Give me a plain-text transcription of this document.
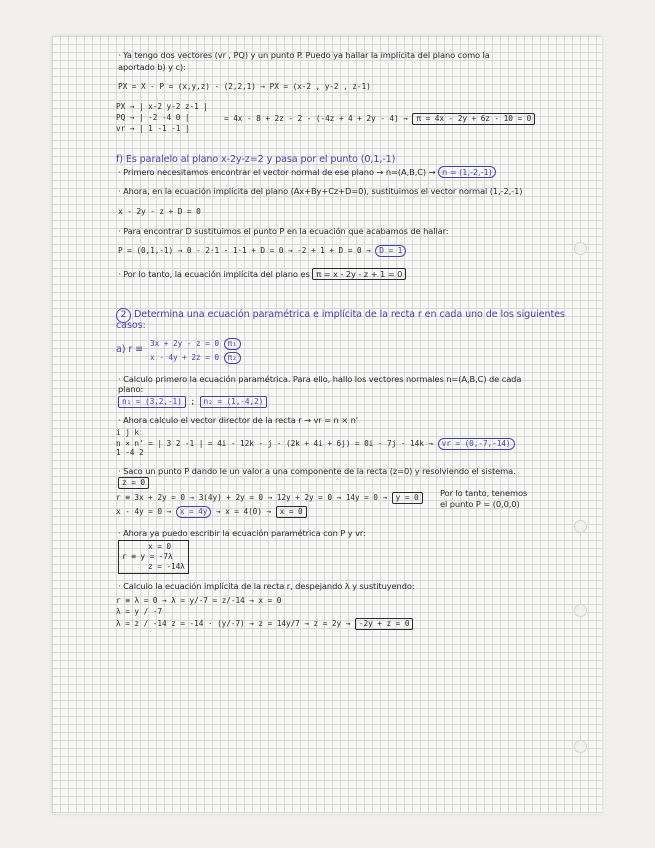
· Ya tengo dos vectores (vr , PQ) y un punto P. Puedo ya hallar la implícita del plano como la
aportado b) y c):
PX = X - P = (x,y,z) - (2,2,1) → PX = (x-2 , y-2 , z-1)
PX → | x-2 y-2 z-1 |
PQ → | -2 -4 0 |
vr → | 1 -1 -1 |
= 4x - 8 + 2z - 2 - (-4z + 4 + 2y - 4) → π = 4x - 2y + 6z - 10 = 0
f) Es paralelo al plano x-2y-z=2 y pasa por el punto (0,1,-1)
· Primero necesitamos encontrar el vector normal de ese plano → n=(A,B,C) → n = (1,-2,-1)
· Ahora, en la ecuación implícita del plano (Ax+By+Cz+D=0), sustituimos el vector normal (1,-2,-1)
x - 2y - z + D = 0
· Para encontrar D sustituimos el punto P en la ecuación que acabamos de hallar:
P = (0,1,-1) → 0 - 2·1 - 1·1 + D = 0 → -2 + 1 + D = 0 → D = 1
· Por lo tanto, la ecuación implícita del plano es π = x - 2y - z + 1 = 0
2 Determina una ecuación paramétrica e implícita de la recta r en cada uno de los siguientes
casos:
a) r ≡
3x + 2y - z = 0 π₁
x - 4y + 2z = 0 π₂
· Calculo primero la ecuación paramétrica. Para ello, hallo los vectores normales n=(A,B,C) de cada
plano:
n₁ = (3,2,-1) ; n₂ = (1,-4,2)
· Ahora calculo el vector director de la recta r → vr = n × n'
i j k
n × n' = | 3 2 -1 | = 4i - 12k - j - (2k + 4i + 6j) = 0i - 7j - 14k → vr = (0,-7,-14)
1 -4 2
· Saco un punto P dando le un valor a una componente de la recta (z=0) y resolviendo el sistema.
z = 0
r ≡ 3x + 2y = 0 → 3(4y) + 2y = 0 → 12y + 2y = 0 → 14y = 0 → y = 0
x - 4y = 0 → x = 4y → x = 4(0) → x = 0
Por lo tanto, tenemos
el punto P = (0,0,0)
· Ahora ya puedo escribir la ecuación paramétrica con P y vr:
x = 0
r ≡ y = -7λ
z = -14λ
· Calculo la ecuación implícita de la recta r, despejando λ y sustituyendo:
r ≡ λ = 0 → λ = y/-7 = z/-14 → x = 0
λ = y / -7
λ = z / -14 z = -14 · (y/-7) → z = 14y/7 → z = 2y → -2y + z = 0
